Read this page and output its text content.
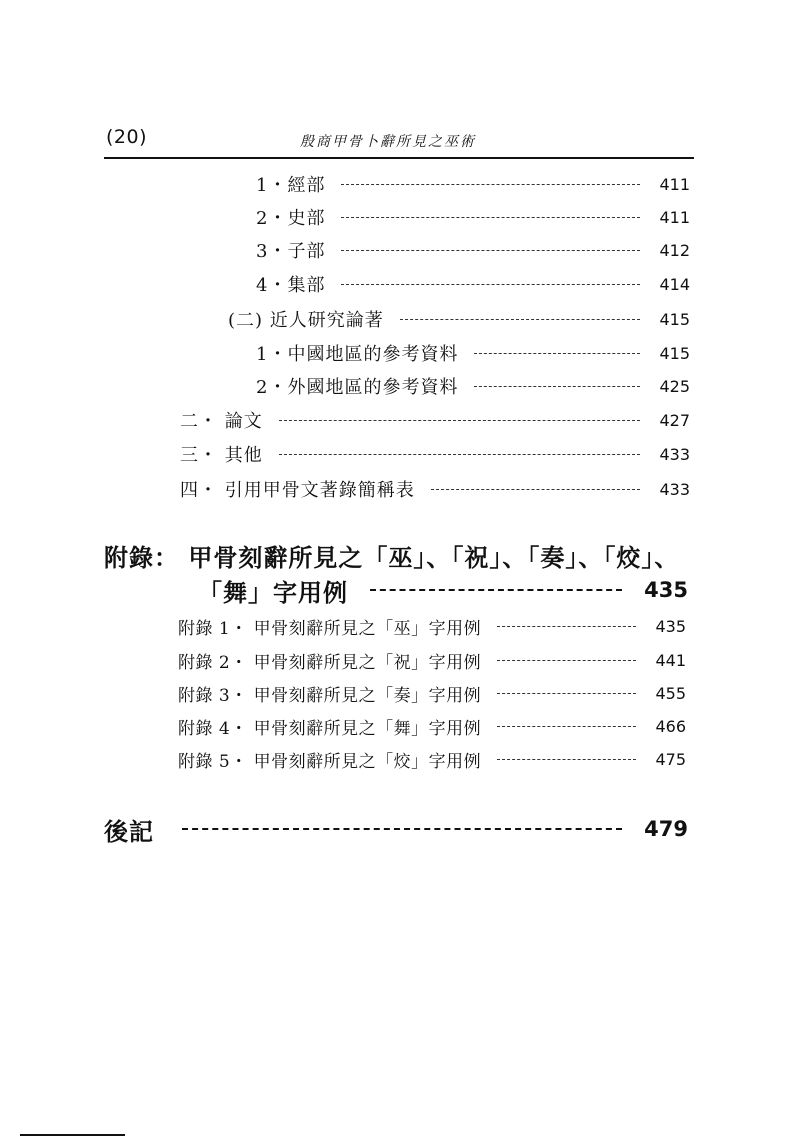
(20)	殷商甲骨卜辭所見之巫術
1・經部	411
2・史部	411
3・子部	412
4・集部	414
(二) 近人研究論著	415
1・中國地區的參考資料	415
2・外國地區的參考資料	425
二・ 論文	427
三・ 其他	433
四・ 引用甲骨文著錄簡稱表	433
附錄： 甲骨刻辭所見之「巫」、「祝」、「奏」、「烄」、
「舞」字用例	435
附錄 1・ 甲骨刻辭所見之「巫」字用例	435
附錄 2・ 甲骨刻辭所見之「祝」字用例	441
附錄 3・ 甲骨刻辭所見之「奏」字用例	455
附錄 4・ 甲骨刻辭所見之「舞」字用例	466
附錄 5・ 甲骨刻辭所見之「烄」字用例	475
後記	479
